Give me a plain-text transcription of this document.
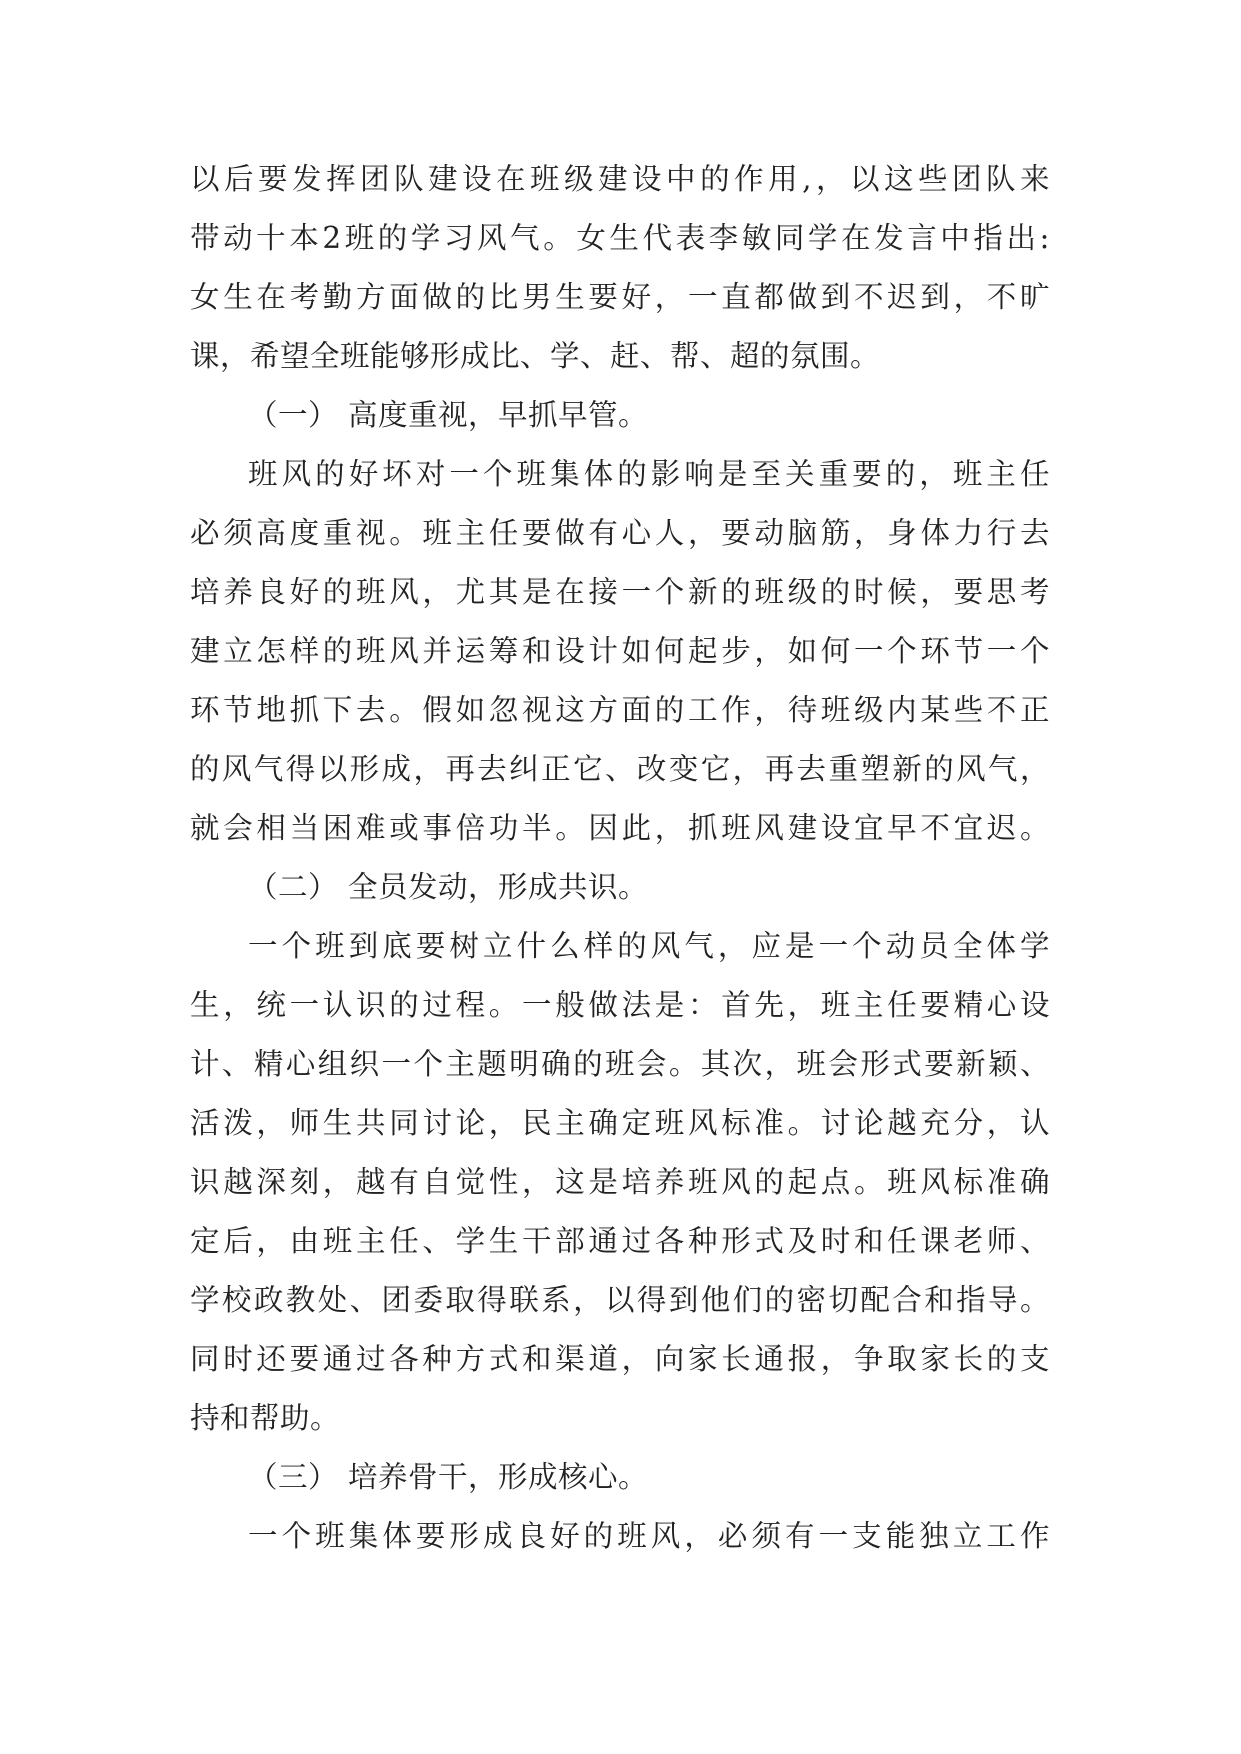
以后要发挥团队建设在班级建设中的作用,，以这些团队来
带动十本2班的学习风气。女生代表李敏同学在发言中指出:
女生在考勤方面做的比男生要好，一直都做到不迟到，不旷
课，希望全班能够形成比、学、赶、帮、超的氛围。
（一） 高度重视，早抓早管。
班风的好坏对一个班集体的影响是至关重要的，班主任
必须高度重视。班主任要做有心人，要动脑筋，身体力行去
培养良好的班风，尤其是在接一个新的班级的时候，要思考
建立怎样的班风并运筹和设计如何起步，如何一个环节一个
环节地抓下去。假如忽视这方面的工作，待班级内某些不正
的风气得以形成，再去纠正它、改变它，再去重塑新的风气，
就会相当困难或事倍功半。因此，抓班风建设宜早不宜迟。
（二） 全员发动，形成共识。
一个班到底要树立什么样的风气，应是一个动员全体学
生，统一认识的过程。一般做法是：首先，班主任要精心设
计、精心组织一个主题明确的班会。其次，班会形式要新颖、
活泼，师生共同讨论，民主确定班风标准。讨论越充分，认
识越深刻，越有自觉性，这是培养班风的起点。班风标准确
定后，由班主任、学生干部通过各种形式及时和任课老师、
学校政教处、团委取得联系，以得到他们的密切配合和指导。
同时还要通过各种方式和渠道，向家长通报，争取家长的支
持和帮助。
（三） 培养骨干，形成核心。
一个班集体要形成良好的班风，必须有一支能独立工作
